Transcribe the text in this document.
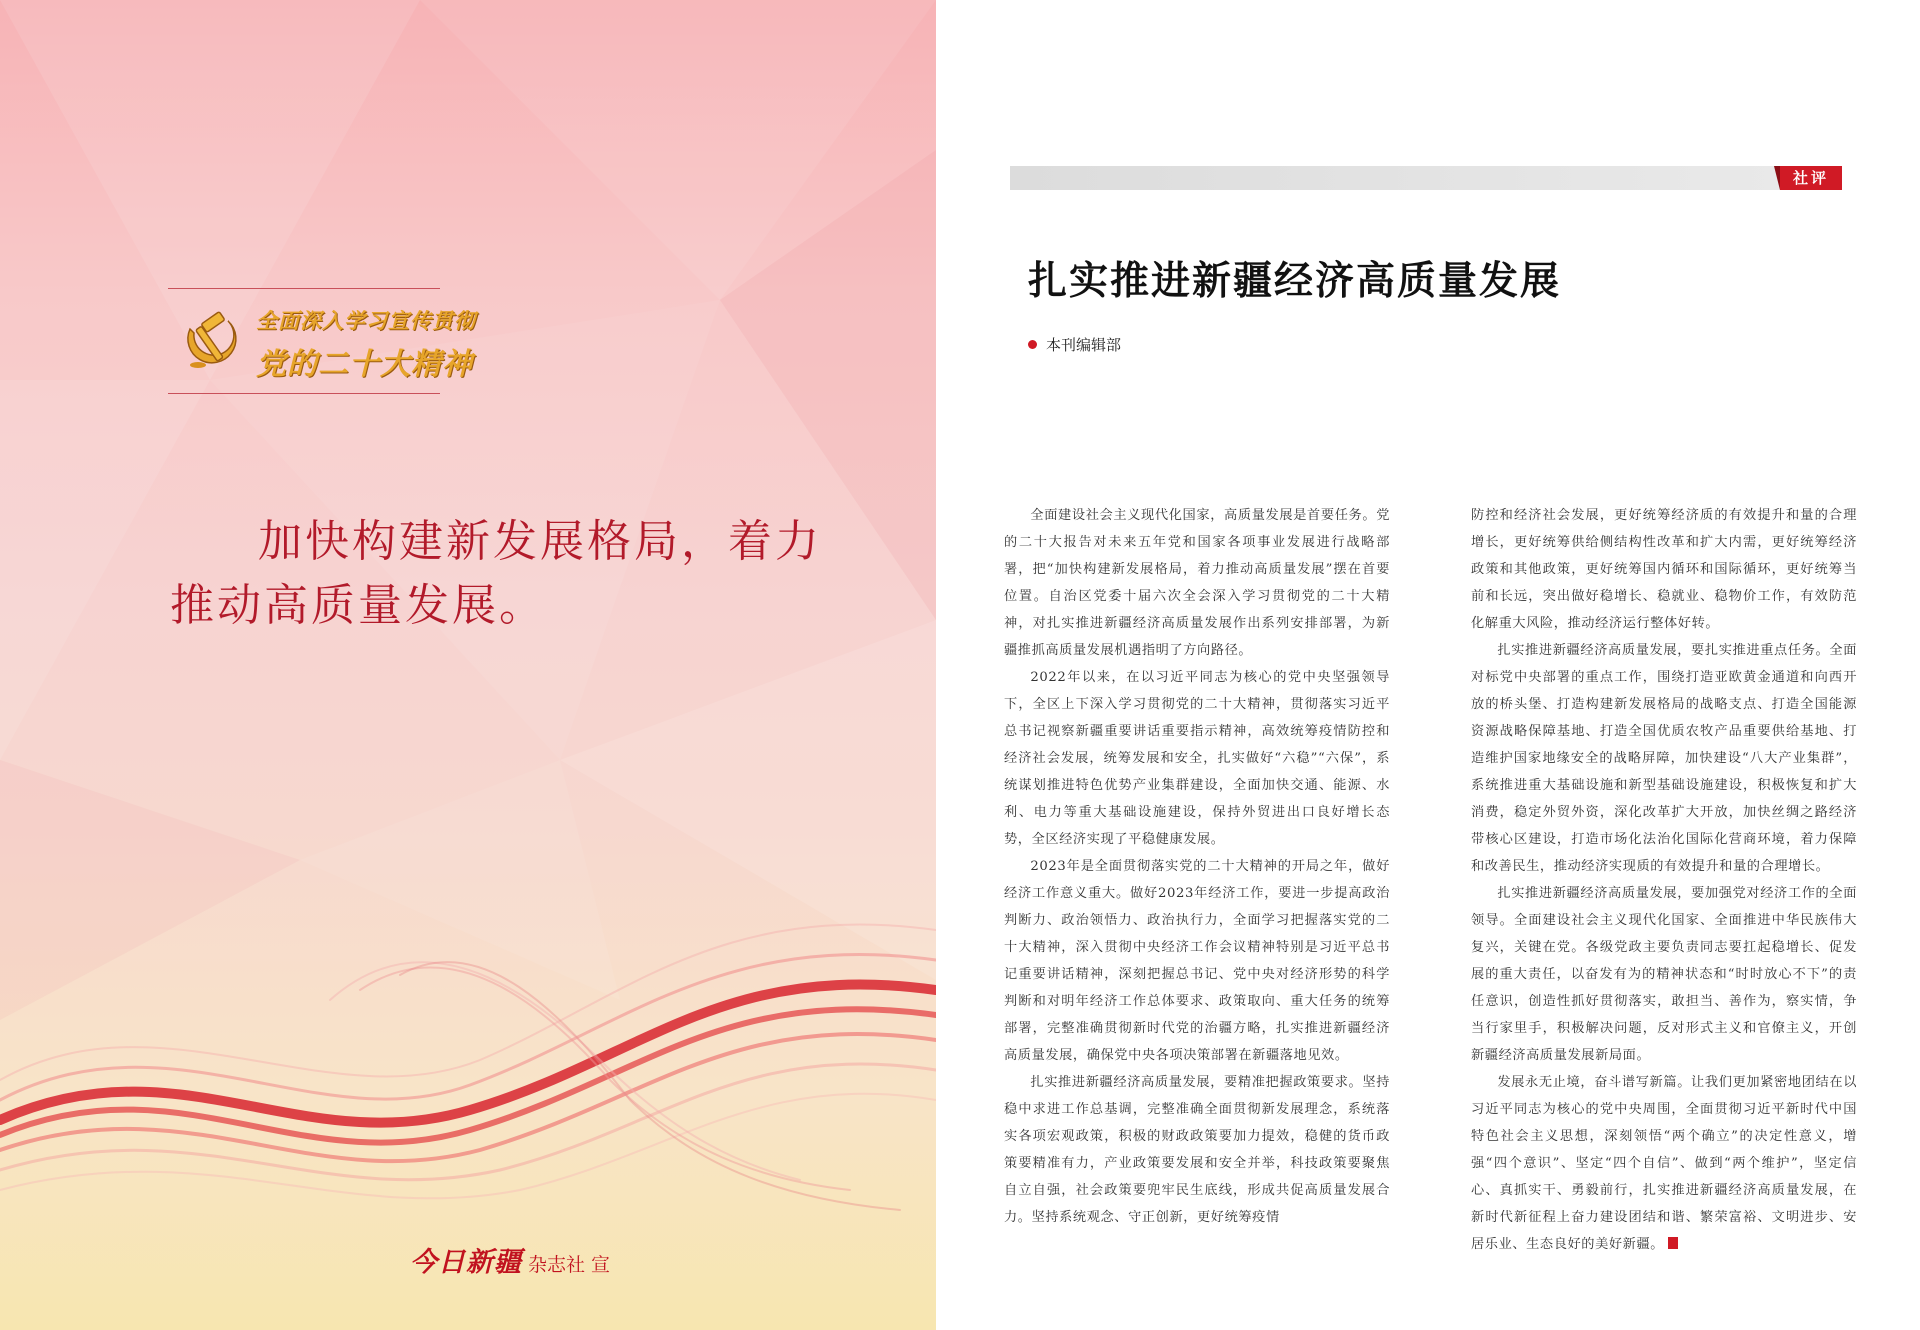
全面深入学习宣传贯彻
党的二十大精神
加快构建新发展格局，着力推动高质量发展。
今日新疆 杂志社 宣
社评
扎实推进新疆经济高质量发展
本刊编辑部

全面建设社会主义现代化国家，高质量发展是首要任务。党的二十大报告对未来五年党和国家各项事业发展进行战略部署，把“加快构建新发展格局，着力推动高质量发展”摆在首要位置。自治区党委十届六次全会深入学习贯彻党的二十大精神，对扎实推进新疆经济高质量发展作出系列安排部署，为新疆推抓高质量发展机遇指明了方向路径。

2022年以来，在以习近平同志为核心的党中央坚强领导下，全区上下深入学习贯彻党的二十大精神，贯彻落实习近平总书记视察新疆重要讲话重要指示精神，高效统筹疫情防控和经济社会发展，统筹发展和安全，扎实做好“六稳”“六保”，系统谋划推进特色优势产业集群建设，全面加快交通、能源、水利、电力等重大基础设施建设，保持外贸进出口良好增长态势，全区经济实现了平稳健康发展。

2023年是全面贯彻落实党的二十大精神的开局之年，做好经济工作意义重大。做好2023年经济工作，要进一步提高政治判断力、政治领悟力、政治执行力，全面学习把握落实党的二十大精神，深入贯彻中央经济工作会议精神特别是习近平总书记重要讲话精神，深刻把握总书记、党中央对经济形势的科学判断和对明年经济工作总体要求、政策取向、重大任务的统筹部署，完整准确贯彻新时代党的治疆方略，扎实推进新疆经济高质量发展，确保党中央各项决策部署在新疆落地见效。

扎实推进新疆经济高质量发展，要精准把握政策要求。坚持稳中求进工作总基调，完整准确全面贯彻新发展理念，系统落实各项宏观政策，积极的财政政策要加力提效，稳健的货币政策要精准有力，产业政策要发展和安全并举，科技政策要聚焦自立自强，社会政策要兜牢民生底线，形成共促高质量发展合力。坚持系统观念、守正创新，更好统筹疫情

防控和经济社会发展，更好统筹经济质的有效提升和量的合理增长，更好统筹供给侧结构性改革和扩大内需，更好统筹经济政策和其他政策，更好统筹国内循环和国际循环，更好统筹当前和长远，突出做好稳增长、稳就业、稳物价工作，有效防范化解重大风险，推动经济运行整体好转。

扎实推进新疆经济高质量发展，要扎实推进重点任务。全面对标党中央部署的重点工作，围绕打造亚欧黄金通道和向西开放的桥头堡、打造构建新发展格局的战略支点、打造全国能源资源战略保障基地、打造全国优质农牧产品重要供给基地、打造维护国家地缘安全的战略屏障，加快建设“八大产业集群”，系统推进重大基础设施和新型基础设施建设，积极恢复和扩大消费，稳定外贸外资，深化改革扩大开放，加快丝绸之路经济带核心区建设，打造市场化法治化国际化营商环境，着力保障和改善民生，推动经济实现质的有效提升和量的合理增长。

扎实推进新疆经济高质量发展，要加强党对经济工作的全面领导。全面建设社会主义现代化国家、全面推进中华民族伟大复兴，关键在党。各级党政主要负责同志要扛起稳增长、促发展的重大责任，以奋发有为的精神状态和“时时放心不下”的责任意识，创造性抓好贯彻落实，敢担当、善作为，察实情，争当行家里手，积极解决问题，反对形式主义和官僚主义，开创新疆经济高质量发展新局面。

发展永无止境，奋斗谱写新篇。让我们更加紧密地团结在以习近平同志为核心的党中央周围，全面贯彻习近平新时代中国特色社会主义思想，深刻领悟“两个确立”的决定性意义，增强“四个意识”、坚定“四个自信”、做到“两个维护”，坚定信心、真抓实干、勇毅前行，扎实推进新疆经济高质量发展，在新时代新征程上奋力建设团结和谐、繁荣富裕、文明进步、安居乐业、生态良好的美好新疆。
